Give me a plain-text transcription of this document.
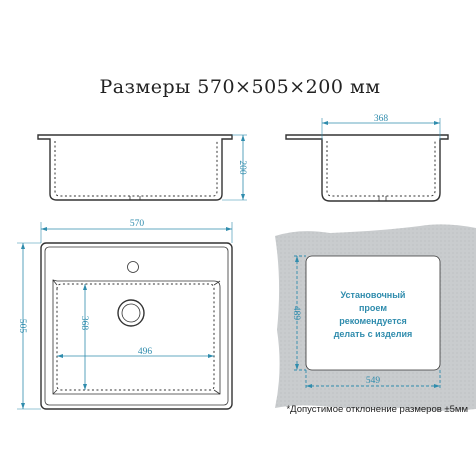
Размеры 570×505×200 мм
200
368
570
505	368
496
Установочный
проем
рекомендуется
делать с изделия
489
549
*Допустимое отклонение размеров ±5мм
